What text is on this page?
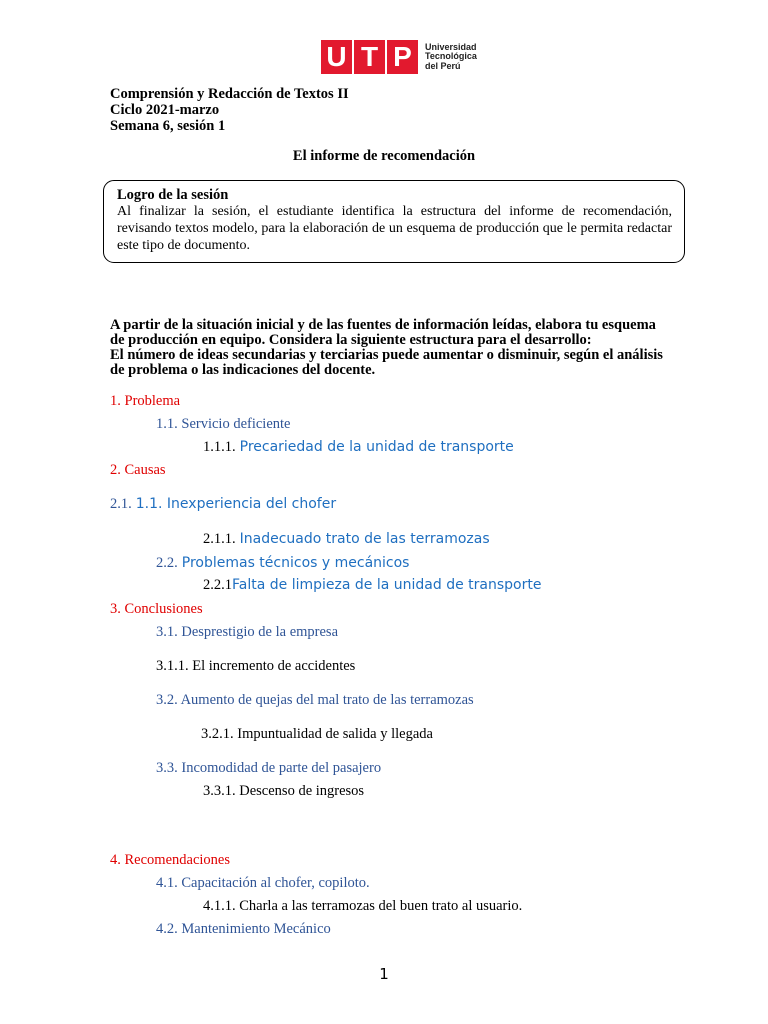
U T P	Universidad
Tecnológica
del Perú
Comprensión y Redacción de Textos II
Ciclo 2021-marzo
Semana 6, sesión 1
El informe de recomendación
Logro de la sesión
Al finalizar la sesión, el estudiante identifica la estructura del informe de recomendación, revisando textos modelo, para la elaboración de un esquema de producción que le permita redactar este tipo de documento.
A partir de la situación inicial y de las fuentes de información leídas, elabora tu esquema de producción en equipo. Considera la siguiente estructura para el desarrollo:
El número de ideas secundarias y terciarias puede aumentar o disminuir, según el análisis de problema o las indicaciones del docente.
1. Problema
1.1. Servicio deficiente
1.1.1. Precariedad de la unidad de transporte
2. Causas
2.1. 1.1. Inexperiencia del chofer
2.1.1. Inadecuado trato de las terramozas
2.2. Problemas técnicos y mecánicos
2.2.1Falta de limpieza de la unidad de transporte
3. Conclusiones
3.1. Desprestigio de la empresa
3.1.1. El incremento de accidentes
3.2. Aumento de quejas del mal trato de las terramozas
3.2.1. Impuntualidad de salida y llegada
3.3. Incomodidad de parte del pasajero
3.3.1. Descenso de ingresos
4. Recomendaciones
4.1. Capacitación al chofer, copiloto.
4.1.1. Charla a las terramozas del buen trato al usuario.
4.2. Mantenimiento Mecánico
1
